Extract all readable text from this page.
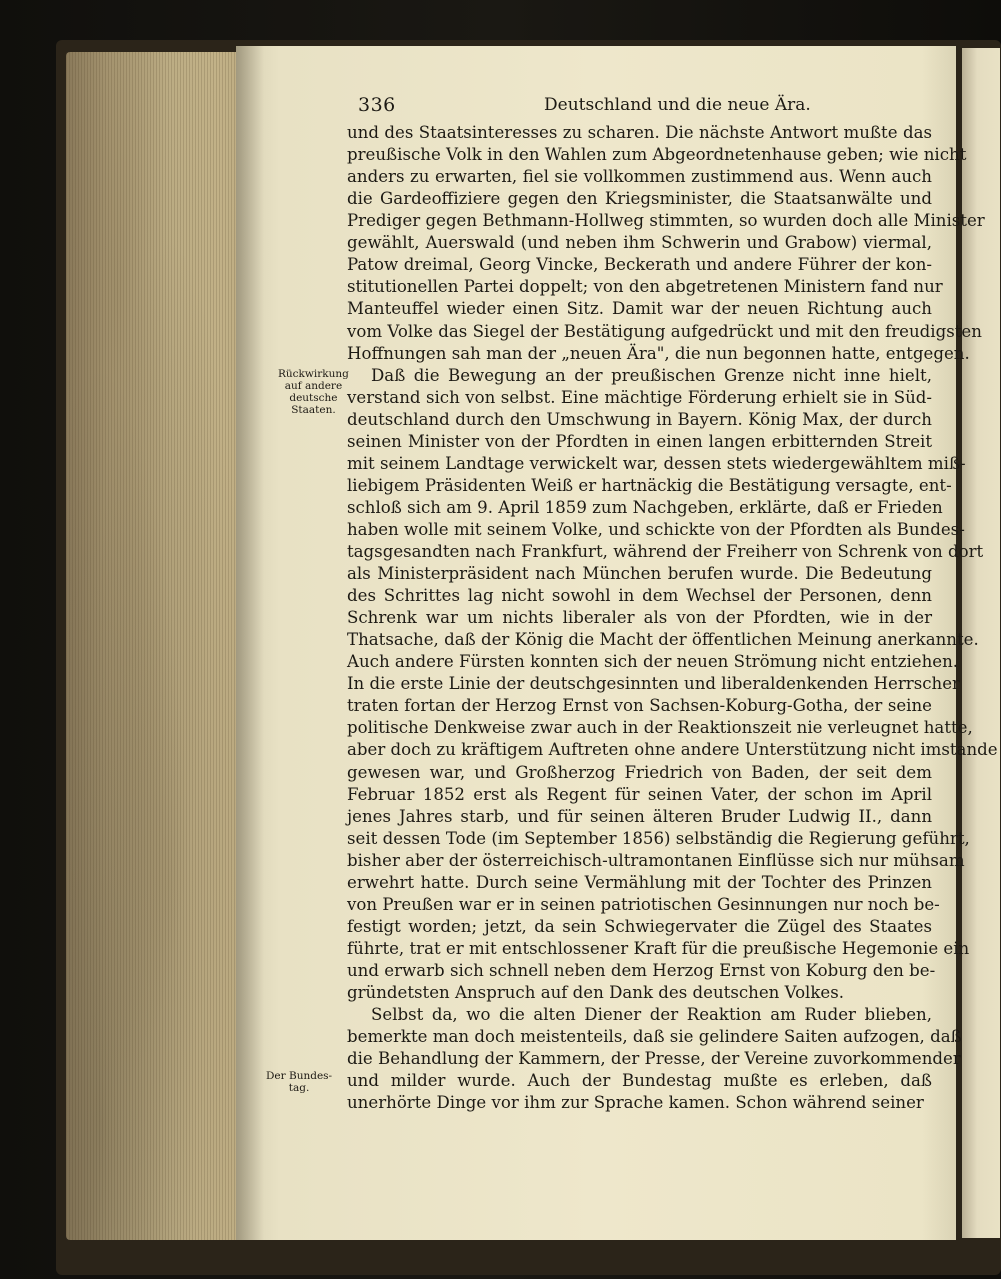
336	Deutschland und die neue Ära.
Rückwirkung
auf andere
deutsche
Staaten.
Der Bundes-
tag.
und des Staatsinteresses zu scharen. Die nächste Antwort mußte das
preußische Volk in den Wahlen zum Abgeordnetenhause geben; wie nicht
anders zu erwarten, fiel sie vollkommen zustimmend aus. Wenn auch
die Gardeoffiziere gegen den Kriegsminister, die Staatsanwälte und
Prediger gegen Bethmann-Hollweg stimmten, so wurden doch alle Minister
gewählt, Auerswald (und neben ihm Schwerin und Grabow) viermal,
Patow dreimal, Georg Vincke, Beckerath und andere Führer der kon-
stitutionellen Partei doppelt; von den abgetretenen Ministern fand nur
Manteuffel wieder einen Sitz. Damit war der neuen Richtung auch
vom Volke das Siegel der Bestätigung aufgedrückt und mit den freudigsten
Hoffnungen sah man der „neuen Ära", die nun begonnen hatte, entgegen.
Daß die Bewegung an der preußischen Grenze nicht inne hielt,
verstand sich von selbst. Eine mächtige Förderung erhielt sie in Süd-
deutschland durch den Umschwung in Bayern. König Max, der durch
seinen Minister von der Pfordten in einen langen erbitternden Streit
mit seinem Landtage verwickelt war, dessen stets wiedergewähltem miß-
liebigem Präsidenten Weiß er hartnäckig die Bestätigung versagte, ent-
schloß sich am 9. April 1859 zum Nachgeben, erklärte, daß er Frieden
haben wolle mit seinem Volke, und schickte von der Pfordten als Bundes-
tagsgesandten nach Frankfurt, während der Freiherr von Schrenk von dort
als Ministerpräsident nach München berufen wurde. Die Bedeutung
des Schrittes lag nicht sowohl in dem Wechsel der Personen, denn
Schrenk war um nichts liberaler als von der Pfordten, wie in der
Thatsache, daß der König die Macht der öffentlichen Meinung anerkannte.
Auch andere Fürsten konnten sich der neuen Strömung nicht entziehen.
In die erste Linie der deutschgesinnten und liberaldenkenden Herrscher
traten fortan der Herzog Ernst von Sachsen-Koburg-Gotha, der seine
politische Denkweise zwar auch in der Reaktionszeit nie verleugnet hatte,
aber doch zu kräftigem Auftreten ohne andere Unterstützung nicht imstande
gewesen war, und Großherzog Friedrich von Baden, der seit dem
Februar 1852 erst als Regent für seinen Vater, der schon im April
jenes Jahres starb, und für seinen älteren Bruder Ludwig II., dann
seit dessen Tode (im September 1856) selbständig die Regierung geführt,
bisher aber der österreichisch-ultramontanen Einflüsse sich nur mühsam
erwehrt hatte. Durch seine Vermählung mit der Tochter des Prinzen
von Preußen war er in seinen patriotischen Gesinnungen nur noch be-
festigt worden; jetzt, da sein Schwiegervater die Zügel des Staates
führte, trat er mit entschlossener Kraft für die preußische Hegemonie ein
und erwarb sich schnell neben dem Herzog Ernst von Koburg den be-
gründetsten Anspruch auf den Dank des deutschen Volkes.
Selbst da, wo die alten Diener der Reaktion am Ruder blieben,
bemerkte man doch meistenteils, daß sie gelindere Saiten aufzogen, daß
die Behandlung der Kammern, der Presse, der Vereine zuvorkommender
und milder wurde. Auch der Bundestag mußte es erleben, daß
unerhörte Dinge vor ihm zur Sprache kamen. Schon während seiner
